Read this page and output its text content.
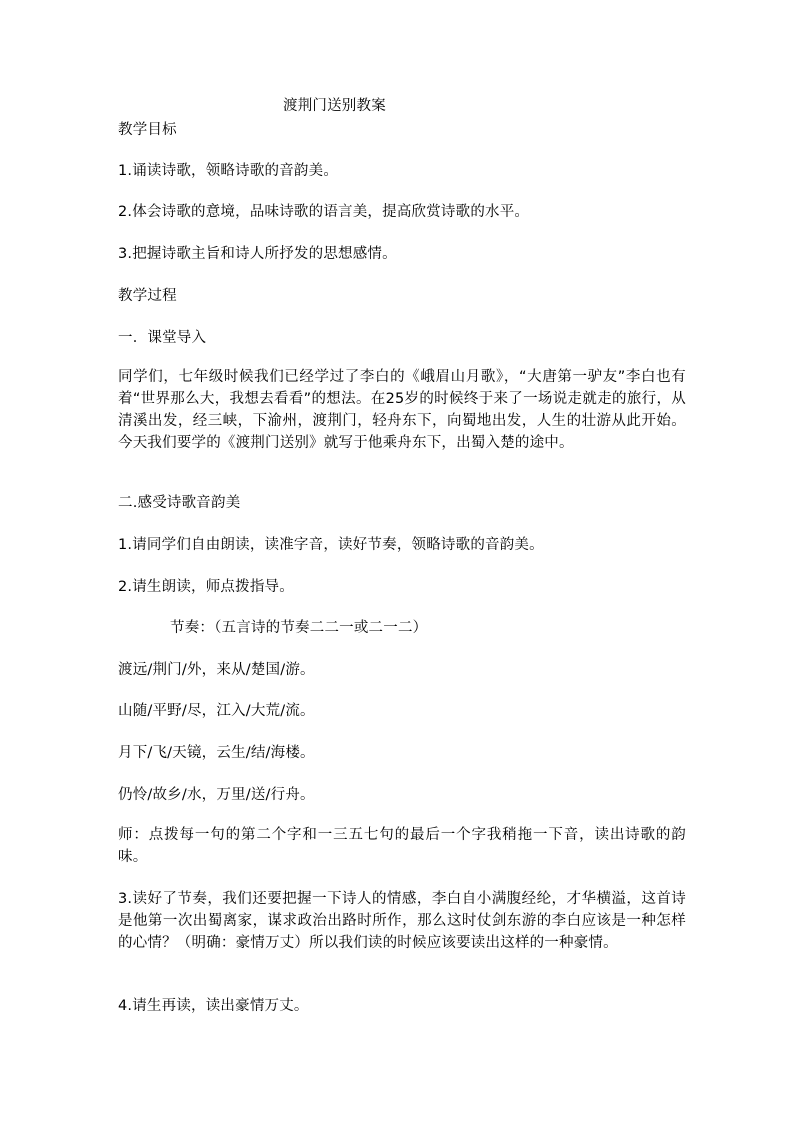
渡荆门送别教案
教学目标
1.诵读诗歌，领略诗歌的音韵美。
2.体会诗歌的意境，品味诗歌的语言美，提高欣赏诗歌的水平。
3.把握诗歌主旨和诗人所抒发的思想感情。
教学过程
一．课堂导入
同学们，七年级时候我们已经学过了李白的《峨眉山月歌》，“大唐第一驴友”李白也有着“世界那么大，我想去看看”的想法。在25岁的时候终于来了一场说走就走的旅行，从清溪出发，经三峡，下渝州，渡荆门，轻舟东下，向蜀地出发，人生的壮游从此开始。今天我们要学的《渡荆门送别》就写于他乘舟东下，出蜀入楚的途中。
二.感受诗歌音韵美
1.请同学们自由朗读，读准字音，读好节奏，领略诗歌的音韵美。
2.请生朗读，师点拨指导。
节奏：（五言诗的节奏二二一或二一二）
渡远/荆门/外，来从/楚国/游。
山随/平野/尽，江入/大荒/流。
月下/飞/天镜，云生/结/海楼。
仍怜/故乡/水，万里/送/行舟。
师：点拨每一句的第二个字和一三五七句的最后一个字我稍拖一下音，读出诗歌的韵味。
3.读好了节奏，我们还要把握一下诗人的情感，李白自小满腹经纶，才华横溢，这首诗是他第一次出蜀离家，谋求政治出路时所作，那么这时仗剑东游的李白应该是一种怎样的心情？（明确：豪情万丈）所以我们读的时候应该要读出这样的一种豪情。
4.请生再读，读出豪情万丈。
